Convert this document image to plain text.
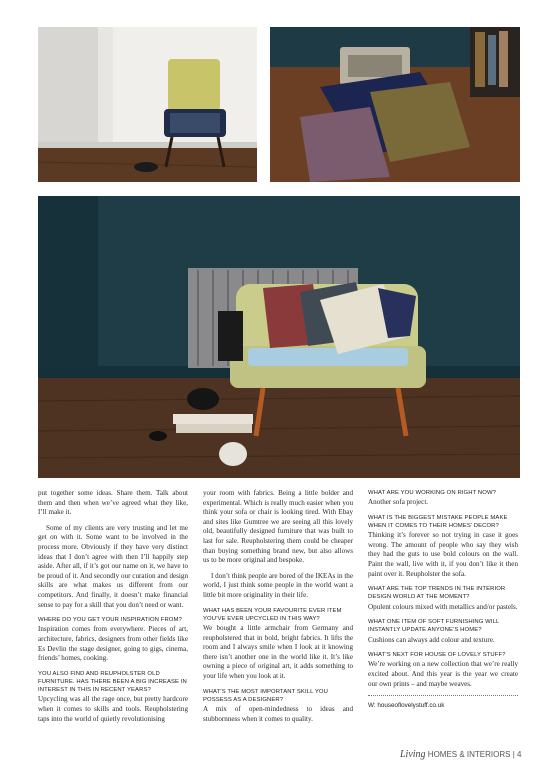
put together some ideas. Share them. Talk about them and then when we’ve agreed what they like, I’ll make it.

Some of my clients are very trusting and let me get on with it. Some want to be involved in the process more. Obviously if they have very distinct ideas that I don’t agree with then I’ll happily step aside. After all, if it’s got our name on it, we have to be proud of it. And secondly our curation and design skills are what makes us different from our competitors. And finally, it doesn’t make financial sense to pay for a skill that you don’t need or want.

WHERE DO YOU GET YOUR INSPIRATION FROM?

Inspiration comes from everywhere. Pieces of art, architecture, fabrics, designers from other fields like Es Devlin the stage designer, going to gigs, cinema, friends’ homes, cooking.

YOU ALSO FIND AND REUPHOLSTER OLD FURNITURE. HAS THERE BEEN A BIG INCREASE IN INTEREST IN THIS IN RECENT YEARS?

Upcycling was all the rage once, but pretty hardcore when it comes to skills and tools. Reupholstering taps into the world of quietly revolutionising

your room with fabrics. Being a little bolder and experimental. Which is really much easier when you think your sofa or chair is looking tired. With Ebay and sites like Gumtree we are seeing all this lovely old, beautifully designed furniture that was built to last for sale. Reupholstering them could be cheaper than buying something brand new, but also allows us to be more original and bespoke.

I don’t think people are bored of the IKEAs in the world, I just think some people in the world want a little bit more originality in their life.

WHAT HAS BEEN YOUR FAVOURITE EVER ITEM YOU’VE EVER UPCYCLED IN THIS WAY?

We bought a little armchair from Germany and reupholstered that in bold, bright fabrics. It lifts the room and I always smile when I look at it knowing there isn’t another one in the world like it. It’s like owning a piece of original art, it adds something to your life when you look at it.

WHAT’S THE MOST IMPORTANT SKILL YOU POSSESS AS A DESIGNER?

A mix of open-mindedness to ideas and stubbornness when it comes to quality.

WHAT ARE YOU WORKING ON RIGHT NOW?

Another sofa project.

WHAT IS THE BIGGEST MISTAKE PEOPLE MAKE WHEN IT COMES TO THEIR HOMES’ DECOR?

Thinking it’s forever so not trying in case it goes wrong. The amount of people who say they wish they had the guts to use bold colours on the wall. Paint the wall, live with it, if you don’t like it then paint over it. Reupholster the sofa.

WHAT ARE THE TOP TRENDS IN THE INTERIOR DESIGN WORLD AT THE MOMENT?

Opulent colours mixed with metallics and/or pastels.

WHAT ONE ITEM OF SOFT FURNISHING WILL INSTANTLY UPDATE ANYONE’S HOME?

Cushions can always add colour and texture.

WHAT’S NEXT FOR HOUSE OF LOVELY STUFF?

We’re working on a new collection that we’re really excited about. And this year is the year we create our own prints – and maybe weaves.

W: houseoflovelystuff.co.uk
Living HOMES & INTERIORS | 4
